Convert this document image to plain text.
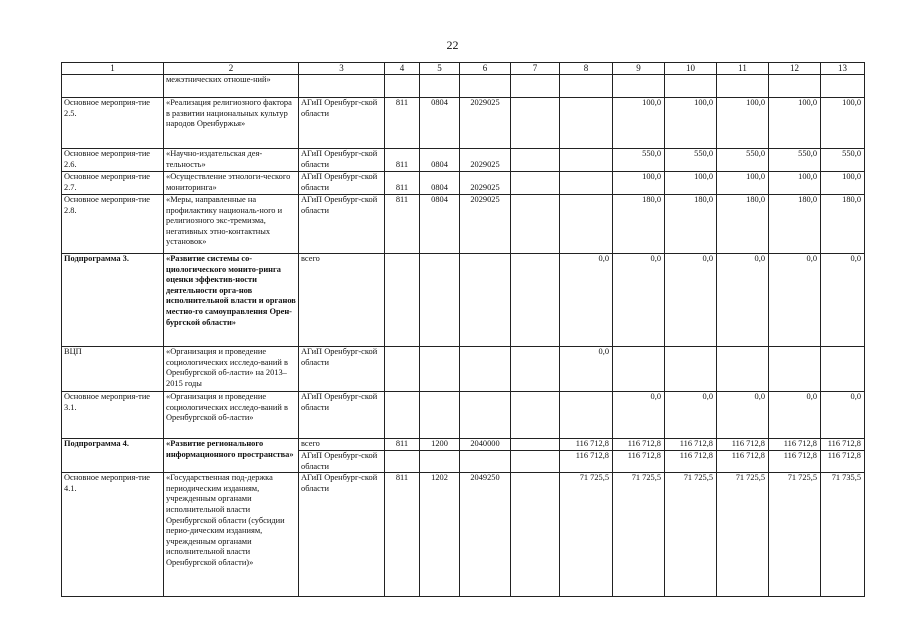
22
1	2	3	4	5	6	7	8	9	10	11	12	13
	межэтнических отноше-ний»											
Основное мероприя-тие 2.5.	«Реализация религиозного фактора в развитии национальных культур народов Оренбуржья»	АГиП Оренбург-ской области	811	0804	2029025			100,0	100,0	100,0	100,0	100,0
Основное мероприя-тие 2.6.	«Научно-издательская дея-тельность»	АГиП Оренбург-ской области	811	0804	2029025			550,0	550,0	550,0	550,0	550,0
Основное мероприя-тие 2.7.	«Осуществление этнологи-ческого мониторинга»	АГиП Оренбург-ской области	811	0804	2029025			100,0	100,0	100,0	100,0	100,0
Основное мероприя-тие 2.8.	«Меры, направленные на профилактику националь-ного и религиозного экс-тремизма, негативных этно-контактных установок»	АГиП Оренбург-ской области	811	0804	2029025			180,0	180,0	180,0	180,0	180,0
Подпрограмма 3.	«Развитие системы со-циологического монито-ринга оценки эффектив-ности деятельности орга-нов исполнительной власти и органов местно-го самоуправления Орен-бургской области»	всего					0,0	0,0	0,0	0,0	0,0	0,0
ВЦП	«Организация и проведение социологических исследо-ваний в Оренбургской об-ласти» на 2013–2015 годы	АГиП Оренбург-ской области					0,0					
Основное мероприя-тие 3.1.	«Организация и проведение социологических исследо-ваний в Оренбургской об-ласти»	АГиП Оренбург-ской области						0,0	0,0	0,0	0,0	0,0
Подпрограмма 4.	«Развитие регионального информационного пространства»	всего	811	1200	2040000		116 712,8	116 712,8	116 712,8	116 712,8	116 712,8	116 712,8
		АГиП Оренбург-ской области					116 712,8	116 712,8	116 712,8	116 712,8	116 712,8	116 712,8
Основное мероприя-тие 4.1.	«Государственная под-держка периодическим изданиям, учрежденным органами исполнительной власти Оренбургской области (субсидии перио-дическим изданиям, учрежденным органами исполнительной власти Оренбургской области)»	АГиП Оренбург-ской области	811	1202	2049250		71 725,5	71 725,5	71 725,5	71 725,5	71 725,5	71 735,5
